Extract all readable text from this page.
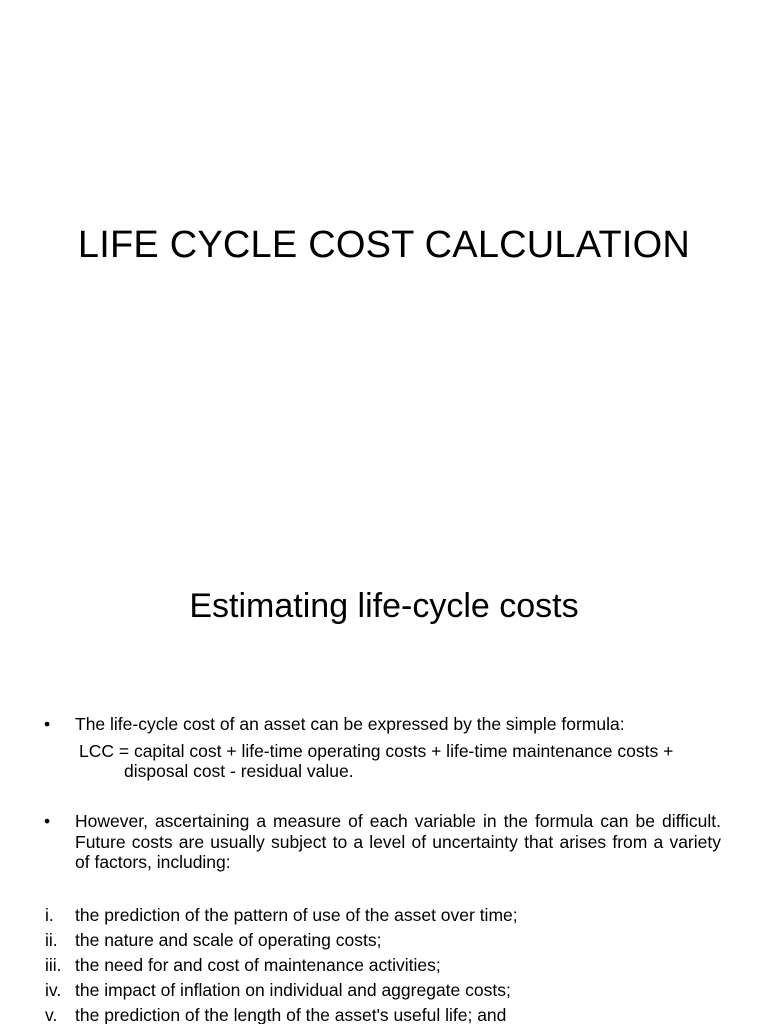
LIFE CYCLE COST CALCULATION
Estimating life-cycle costs
•	The life-cycle cost of an asset can be expressed by the simple formula:
LCC = capital cost + life-time operating costs + life-time maintenance costs + disposal cost - residual value.
•	However, ascertaining a measure of each variable in the formula can be difficult. Future costs are usually subject to a level of uncertainty that arises from a variety of factors, including:
i. the prediction of the pattern of use of the asset over time;
ii. the nature and scale of operating costs;
iii. the need for and cost of maintenance activities;
iv. the impact of inflation on individual and aggregate costs;
v. the prediction of the length of the asset's useful life; and
